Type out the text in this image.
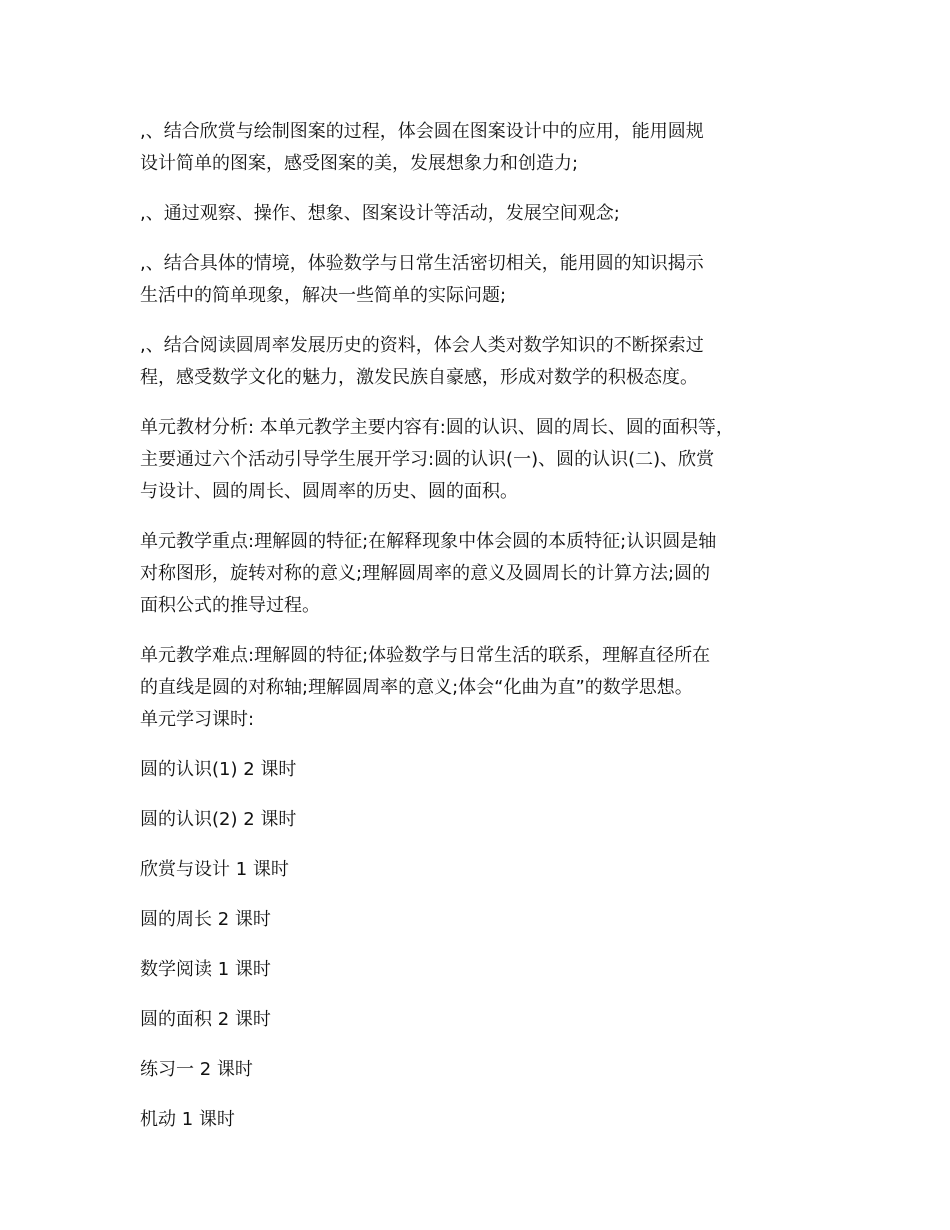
,、结合欣赏与绘制图案的过程，体会圆在图案设计中的应用，能用圆规
设计简单的图案，感受图案的美，发展想象力和创造力;
,、通过观察、操作、想象、图案设计等活动，发展空间观念;
,、结合具体的情境，体验数学与日常生活密切相关，能用圆的知识揭示
生活中的简单现象，解决一些简单的实际问题;
,、结合阅读圆周率发展历史的资料，体会人类对数学知识的不断探索过
程，感受数学文化的魅力，激发民族自豪感，形成对数学的积极态度。
单元教材分析: 本单元教学主要内容有:圆的认识、圆的周长、圆的面积等，
主要通过六个活动引导学生展开学习:圆的认识(一)、圆的认识(二)、欣赏
与设计、圆的周长、圆周率的历史、圆的面积。
单元教学重点:理解圆的特征;在解释现象中体会圆的本质特征;认识圆是轴
对称图形，旋转对称的意义;理解圆周率的意义及圆周长的计算方法;圆的
面积公式的推导过程。
单元教学难点:理解圆的特征;体验数学与日常生活的联系，理解直径所在
的直线是圆的对称轴;理解圆周率的意义;体会“化曲为直”的数学思想。
单元学习课时:
圆的认识(1) 2 课时
圆的认识(2) 2 课时
欣赏与设计 1 课时
圆的周长 2 课时
数学阅读 1 课时
圆的面积 2 课时
练习一 2 课时
机动 1 课时
